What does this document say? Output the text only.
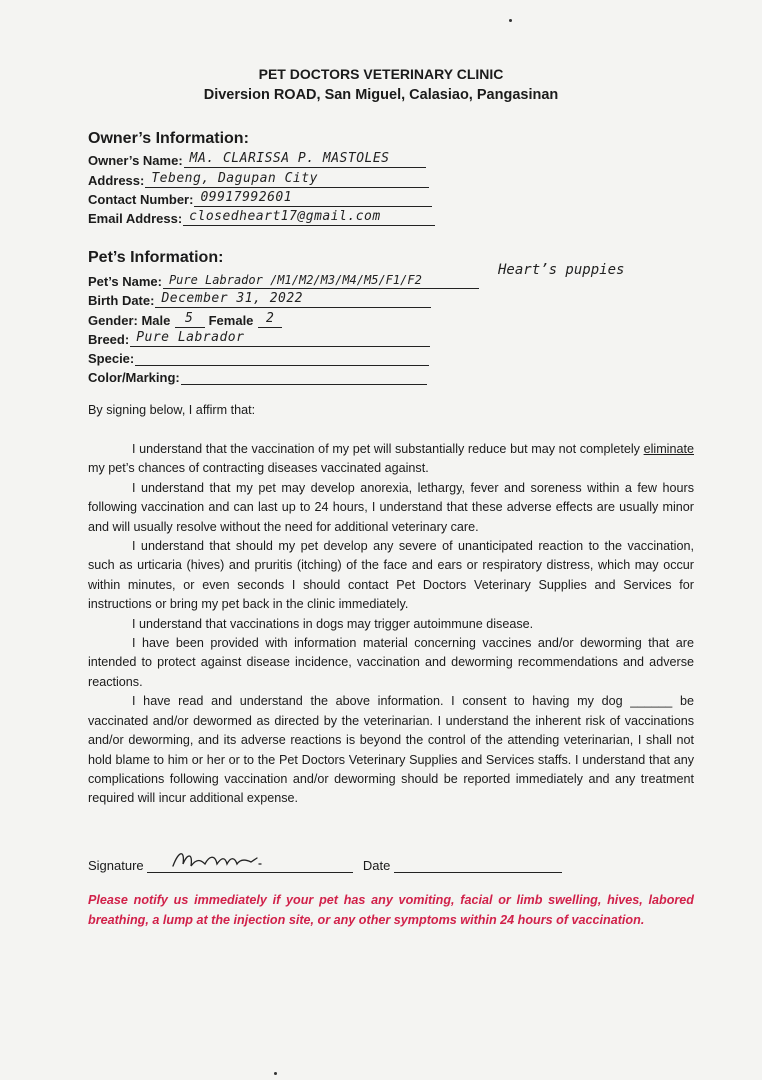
PET DOCTORS VETERINARY CLINIC
Diversion ROAD, San Miguel, Calasiao, Pangasinan
Owner’s Information:
Owner’s Name: MA. CLARISSA P. MASTOLES
Address: Tebeng, Dagupan City
Contact Number: 09917992601
Email Address: closedheart17@gmail.com
Pet’s Information:
Pet’s Name: Pure Labrador /M1/M2/M3/M4/M5/F1/F2
Heart’s puppies
Birth Date: December 31, 2022
Gender: Male 5 Female 2
Breed: Pure Labrador
Specie:
Color/Marking:
By signing below, I affirm that:

I understand that the vaccination of my pet will substantially reduce but may not completely eliminate my pet’s chances of contracting diseases vaccinated against.

I understand that my pet may develop anorexia, lethargy, fever and soreness within a few hours following vaccination and can last up to 24 hours, I understand that these adverse effects are usually minor and will usually resolve without the need for additional veterinary care.

I understand that should my pet develop any severe of unanticipated reaction to the vaccination, such as urticaria (hives) and pruritis (itching) of the face and ears or respiratory distress, which may occur within minutes, or even seconds I should contact Pet Doctors Veterinary Supplies and Services for instructions or bring my pet back in the clinic immediately.

I understand that vaccinations in dogs may trigger autoimmune disease.

I have been provided with information material concerning vaccines and/or deworming that are intended to protect against disease incidence, vaccination and deworming recommendations and adverse reactions.

I have read and understand the above information. I consent to having my dog ______ be vaccinated and/or dewormed as directed by the veterinarian. I understand the inherent risk of vaccinations and/or deworming, and its adverse reactions is beyond the control of the attending veterinarian, I shall not hold blame to him or her or to the Pet Doctors Veterinary Supplies and Services staffs. I understand that any complications following vaccination and/or deworming should be reported immediately and any treatment required will incur additional expense.

Signature	Date
Please notify us immediately if your pet has any vomiting, facial or limb swelling, hives, labored breathing, a lump at the injection site, or any other symptoms within 24 hours of vaccination.
